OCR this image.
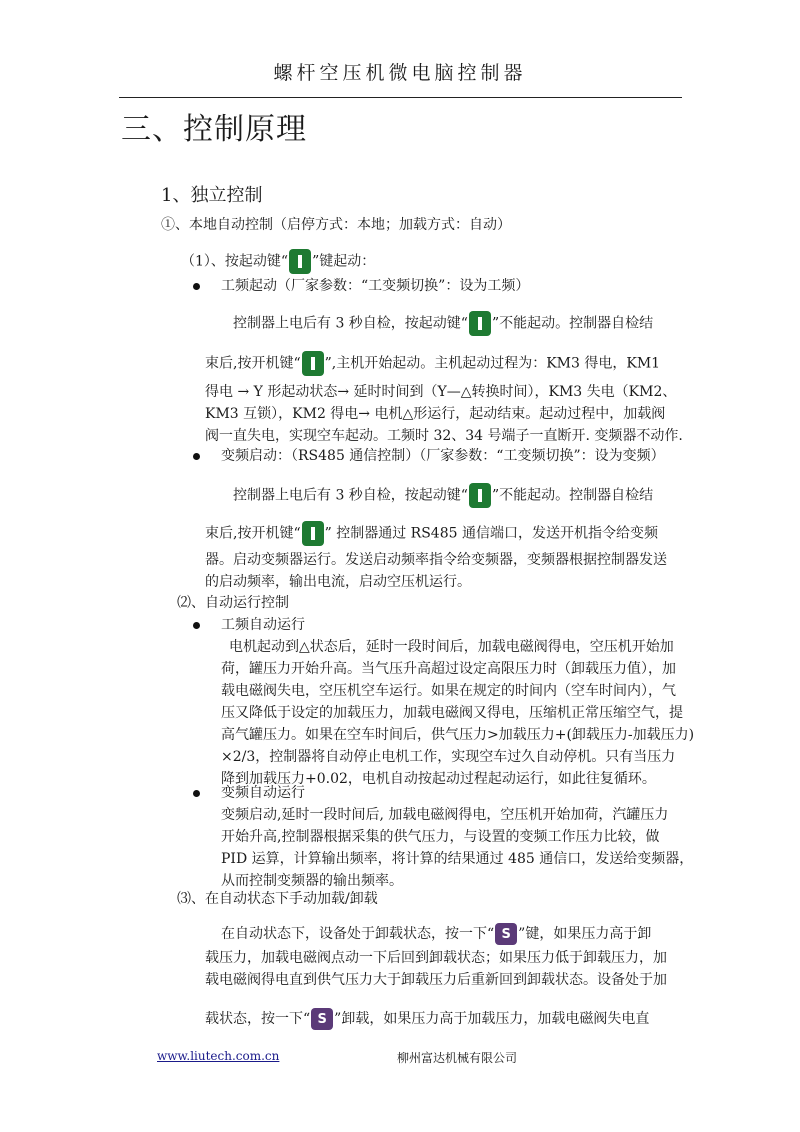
螺杆空压机微电脑控制器
三、控制原理
1、独立控制
①、本地自动控制（启停方式：本地；加载方式：自动）
（1）、按起动键“ ”键起动：
工频起动（厂家参数：“工变频切换”：设为工频）
控制器上电后有 3 秒自检，按起动键“ ”不能起动。控制器自检结
束后,按开机键“ ”,主机开始起动。主机起动过程为：KM3 得电，KM1
得电 → Y 形起动状态→ 延时时间到（Y—△转换时间），KM3 失电（KM2、
KM3 互锁），KM2 得电→ 电机△形运行，起动结束。起动过程中，加载阀
阀一直失电，实现空车起动。工频时 32、34 号端子一直断开. 变频器不动作.
变频启动：（RS485 通信控制）（厂家参数：“工变频切换”：设为变频）
控制器上电后有 3 秒自检，按起动键“ ”不能起动。控制器自检结
束后,按开机键“ ” 控制器通过 RS485 通信端口，发送开机指令给变频
器。启动变频器运行。发送启动频率指令给变频器，变频器根据控制器发送
的启动频率，输出电流，启动空压机运行。
⑵、自动运行控制
工频自动运行
电机起动到△状态后，延时一段时间后，加载电磁阀得电，空压机开始加
荷，罐压力开始升高。当气压升高超过设定高限压力时（卸载压力值），加
载电磁阀失电，空压机空车运行。如果在规定的时间内（空车时间内），气
压又降低于设定的加载压力，加载电磁阀又得电，压缩机正常压缩空气，提
高气罐压力。如果在空车时间后，供气压力>加载压力+(卸载压力-加载压力)
×2/3，控制器将自动停止电机工作，实现空车过久自动停机。只有当压力
降到加载压力+0.02，电机自动按起动过程起动运行，如此往复循环。
变频自动运行
变频启动,延时一段时间后, 加载电磁阀得电，空压机开始加荷，汽罐压力
开始升高,控制器根据采集的供气压力，与设置的变频工作压力比较，做
PID 运算，计算输出频率，将计算的结果通过 485 通信口，发送给变频器，
从而控制变频器的输出频率。
⑶、在自动状态下手动加载/卸载
在自动状态下，设备处于卸载状态，按一下“ S ”键，如果压力高于卸
载压力，加载电磁阀点动一下后回到卸载状态；如果压力低于卸载压力，加
载电磁阀得电直到供气压力大于卸载压力后重新回到卸载状态。设备处于加
载状态，按一下“ S ”卸载，如果压力高于加载压力，加载电磁阀失电直
www.liutech.com.cn	柳州富达机械有限公司
